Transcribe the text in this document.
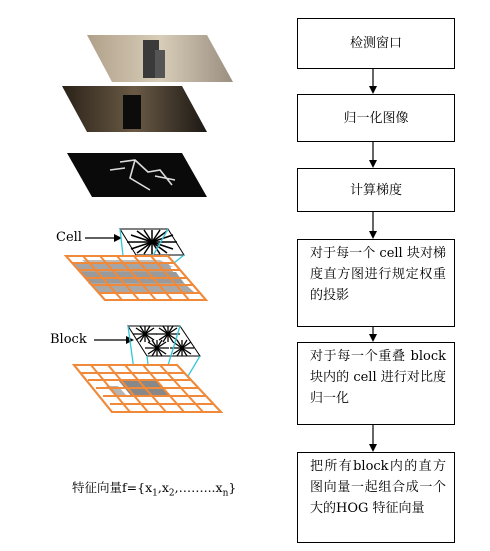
Cell
Block
特征向量$f=\{x_1,x_2,\dots\dots...x_n\}$
检测窗口
归一化图像
计算梯度
对于每一个 cell 块对梯度直方图进行规定权重的投影
对于每一个重叠 block 块内的 cell 进行对比度归一化
把所有block内的直方图向量一起组合成一个大的HOG 特征向量
